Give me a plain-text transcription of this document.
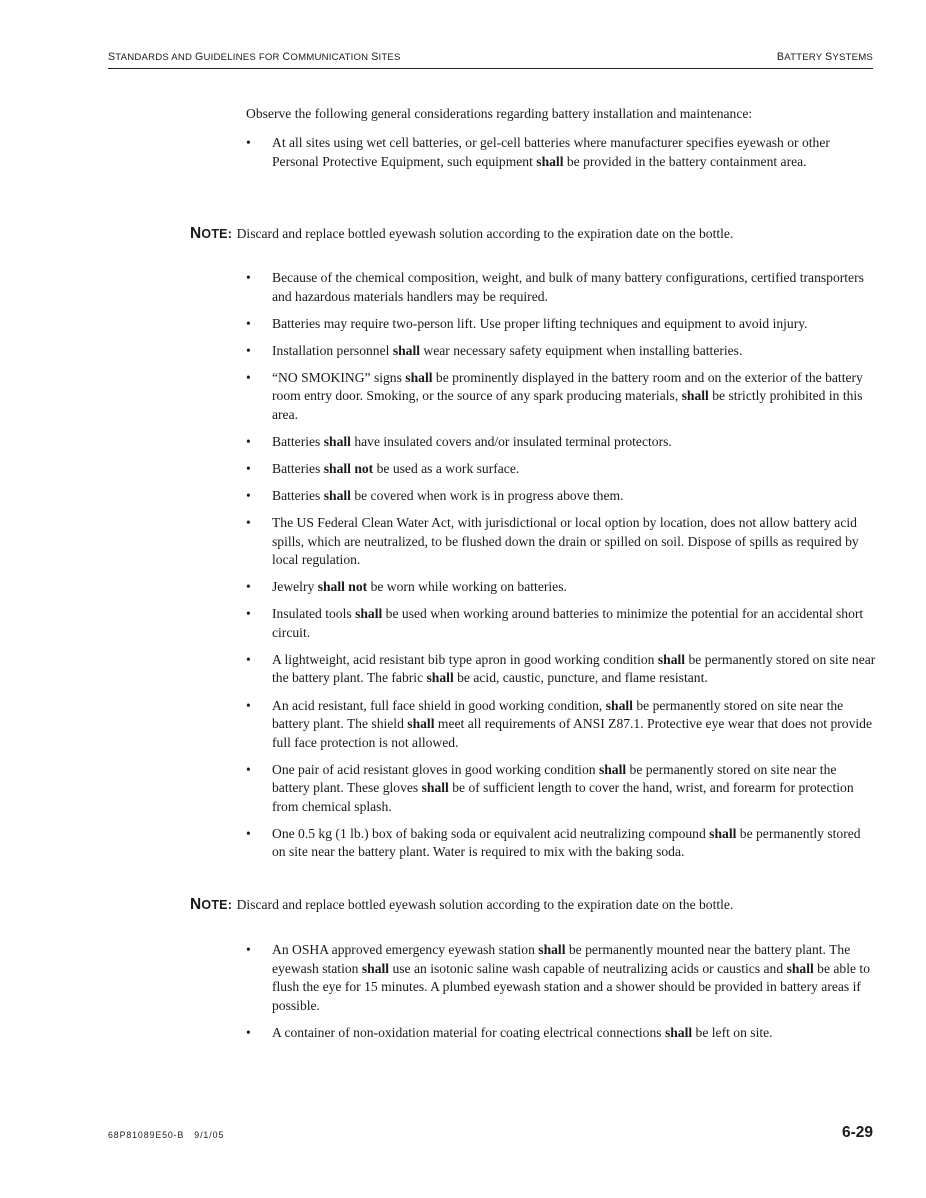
STANDARDS AND GUIDELINES FOR COMMUNICATION SITES	BATTERY SYSTEMS

Observe the following general considerations regarding battery installation and maintenance:

• At all sites using wet cell batteries, or gel-cell batteries where manufacturer specifies eyewash or other Personal Protective Equipment, such equipment shall be provided in the battery containment area.
NOTE: Discard and replace bottled eyewash solution according to the expiration date on the bottle.
• Because of the chemical composition, weight, and bulk of many battery configurations, certified transporters and hazardous materials handlers may be required.
• Batteries may require two-person lift. Use proper lifting techniques and equipment to avoid injury.
• Installation personnel shall wear necessary safety equipment when installing batteries.
• “NO SMOKING” signs shall be prominently displayed in the battery room and on the exterior of the battery room entry door. Smoking, or the source of any spark producing materials, shall be strictly prohibited in this area.
• Batteries shall have insulated covers and/or insulated terminal protectors.
• Batteries shall not be used as a work surface.
• Batteries shall be covered when work is in progress above them.
• The US Federal Clean Water Act, with jurisdictional or local option by location, does not allow battery acid spills, which are neutralized, to be flushed down the drain or spilled on soil. Dispose of spills as required by local regulation.
• Jewelry shall not be worn while working on batteries.
• Insulated tools shall be used when working around batteries to minimize the potential for an accidental short circuit.
• A lightweight, acid resistant bib type apron in good working condition shall be permanently stored on site near the battery plant. The fabric shall be acid, caustic, puncture, and flame resistant.
• An acid resistant, full face shield in good working condition, shall be permanently stored on site near the battery plant. The shield shall meet all requirements of ANSI Z87.1. Protective eye wear that does not provide full face protection is not allowed.
• One pair of acid resistant gloves in good working condition shall be permanently stored on site near the battery plant. These gloves shall be of sufficient length to cover the hand, wrist, and forearm for protection from chemical splash.
• One 0.5 kg (1 lb.) box of baking soda or equivalent acid neutralizing compound shall be permanently stored on site near the battery plant. Water is required to mix with the baking soda.
NOTE: Discard and replace bottled eyewash solution according to the expiration date on the bottle.
• An OSHA approved emergency eyewash station shall be permanently mounted near the battery plant. The eyewash station shall use an isotonic saline wash capable of neutralizing acids or caustics and shall be able to flush the eye for 15 minutes. A plumbed eyewash station and a shower should be provided in battery areas if possible.
• A container of non-oxidation material for coating electrical connections shall be left on site.
68P81089E50-B   9/1/05	6-29
